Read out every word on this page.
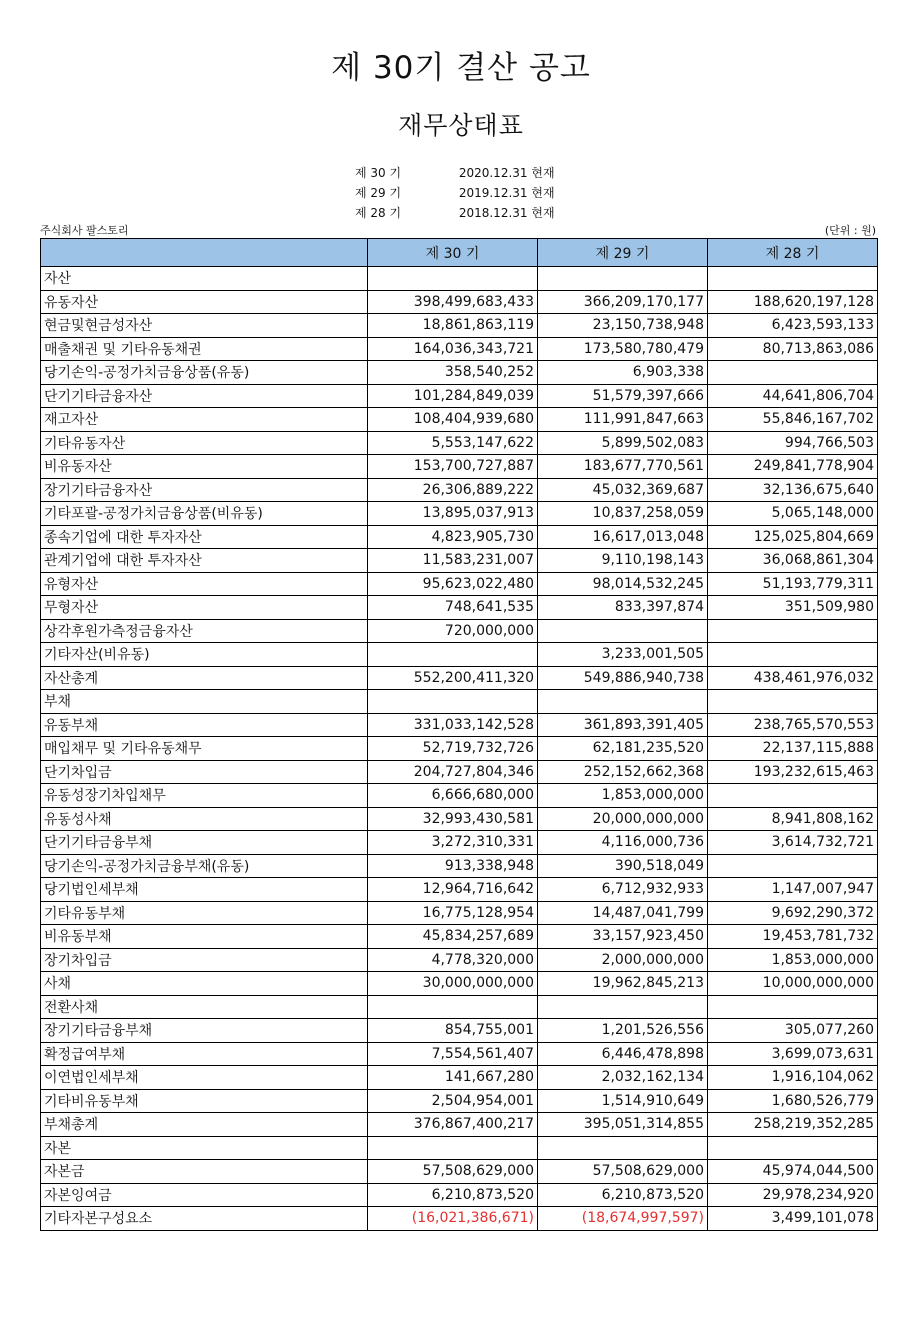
제 30기 결산 공고
재무상태표
제 30 기	2020.12.31 현재
제 29 기	2019.12.31 현재
제 28 기	2018.12.31 현재
주식회사 팔스토리	(단위 : 원)
	제 30 기	제 29 기	제 28 기
자산			
유동자산	398,499,683,433	366,209,170,177	188,620,197,128
현금및현금성자산	18,861,863,119	23,150,738,948	6,423,593,133
매출채권 및 기타유동채권	164,036,343,721	173,580,780,479	80,713,863,086
당기손익-공정가치금융상품(유동)	358,540,252	6,903,338	
단기기타금융자산	101,284,849,039	51,579,397,666	44,641,806,704
재고자산	108,404,939,680	111,991,847,663	55,846,167,702
기타유동자산	5,553,147,622	5,899,502,083	994,766,503
비유동자산	153,700,727,887	183,677,770,561	249,841,778,904
장기기타금융자산	26,306,889,222	45,032,369,687	32,136,675,640
기타포괄-공정가치금융상품(비유동)	13,895,037,913	10,837,258,059	5,065,148,000
종속기업에 대한 투자자산	4,823,905,730	16,617,013,048	125,025,804,669
관계기업에 대한 투자자산	11,583,231,007	9,110,198,143	36,068,861,304
유형자산	95,623,022,480	98,014,532,245	51,193,779,311
무형자산	748,641,535	833,397,874	351,509,980
상각후원가측정금융자산	720,000,000		
기타자산(비유동)		3,233,001,505	
자산총계	552,200,411,320	549,886,940,738	438,461,976,032
부채			
유동부채	331,033,142,528	361,893,391,405	238,765,570,553
매입채무 및 기타유동채무	52,719,732,726	62,181,235,520	22,137,115,888
단기차입금	204,727,804,346	252,152,662,368	193,232,615,463
유동성장기차입채무	6,666,680,000	1,853,000,000	
유동성사채	32,993,430,581	20,000,000,000	8,941,808,162
단기기타금융부채	3,272,310,331	4,116,000,736	3,614,732,721
당기손익-공정가치금융부채(유동)	913,338,948	390,518,049	
당기법인세부채	12,964,716,642	6,712,932,933	1,147,007,947
기타유동부채	16,775,128,954	14,487,041,799	9,692,290,372
비유동부채	45,834,257,689	33,157,923,450	19,453,781,732
장기차입금	4,778,320,000	2,000,000,000	1,853,000,000
사채	30,000,000,000	19,962,845,213	10,000,000,000
전환사채			
장기기타금융부채	854,755,001	1,201,526,556	305,077,260
확정급여부채	7,554,561,407	6,446,478,898	3,699,073,631
이연법인세부채	141,667,280	2,032,162,134	1,916,104,062
기타비유동부채	2,504,954,001	1,514,910,649	1,680,526,779
부채총계	376,867,400,217	395,051,314,855	258,219,352,285
자본			
자본금	57,508,629,000	57,508,629,000	45,974,044,500
자본잉여금	6,210,873,520	6,210,873,520	29,978,234,920
기타자본구성요소	(16,021,386,671)	(18,674,997,597)	3,499,101,078
